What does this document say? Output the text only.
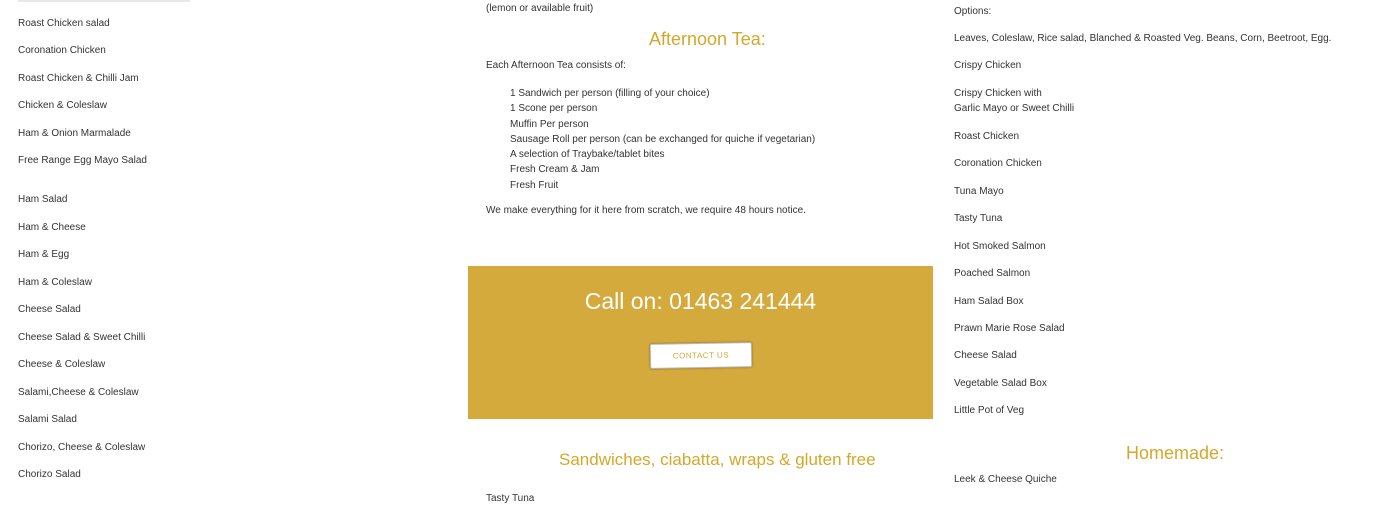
Roast Chicken salad
Coronation Chicken
Roast Chicken & Chilli Jam
Chicken & Coleslaw
Ham & Onion Marmalade
Free Range Egg Mayo Salad
Ham Salad
Ham & Cheese
Ham & Egg
Ham & Coleslaw
Cheese Salad
Cheese Salad & Sweet Chilli
Cheese & Coleslaw
Salami,Cheese & Coleslaw
Salami Salad
Chorizo, Cheese & Coleslaw
Chorizo Salad
(lemon or available fruit)
Afternoon Tea:
Each Afternoon Tea consists of:
1 Sandwich per person (filling of your choice)
1 Scone per person
Muffin Per person
Sausage Roll per person (can be exchanged for quiche if vegetarian)
A selection of Traybake/tablet bites
Fresh Cream & Jam
Fresh Fruit
We make everything for it here from scratch, we require 48 hours notice.
Call on: 01463 241444
CONTACT US
Sandwiches, ciabatta, wraps & gluten free
Tasty Tuna
Options:
Leaves, Coleslaw, Rice salad, Blanched & Roasted Veg. Beans, Corn, Beetroot, Egg.
Crispy Chicken
Crispy Chicken with
Garlic Mayo or Sweet Chilli
Roast Chicken
Coronation Chicken
Tuna Mayo
Tasty Tuna
Hot Smoked Salmon
Poached Salmon
Ham Salad Box
Prawn Marie Rose Salad
Cheese Salad
Vegetable Salad Box
Little Pot of Veg
Homemade:
Leek & Cheese Quiche
